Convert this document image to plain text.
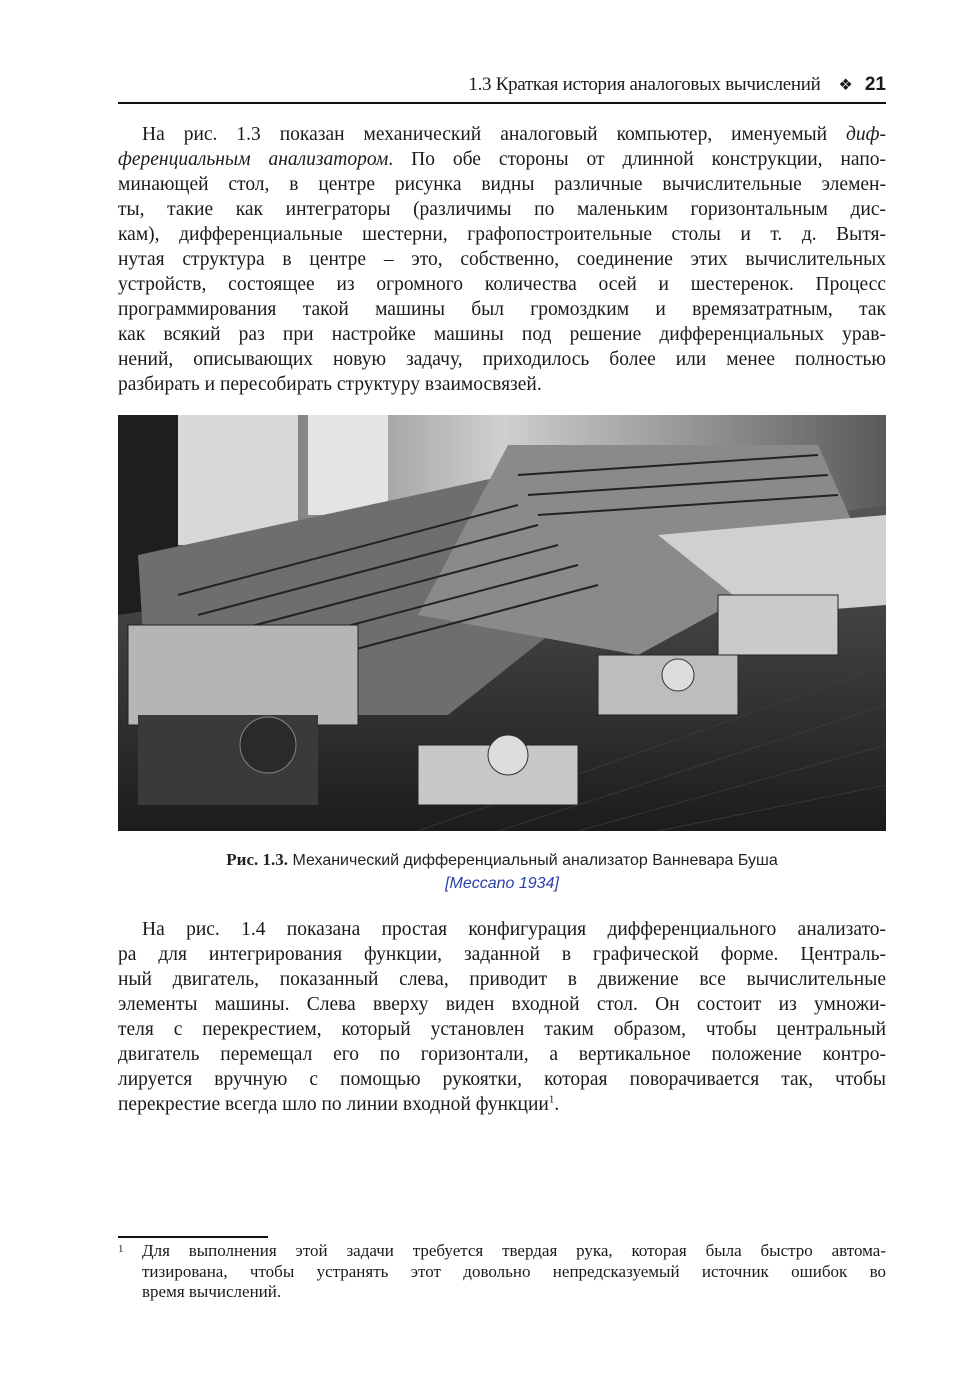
1.3 Краткая история аналоговых вычислений ❖ 21
На рис. 1.3 показан механический аналоговый компьютер, именуемый диф-
ференциальным анализатором. По обе стороны от длинной конструкции, напо-
минающей стол, в центре рисунка видны различные вычислительные элемен-
ты, такие как интеграторы (различимы по маленьким горизонтальным дис-
кам), дифференциальные шестерни, графопостроительные столы и т. д. Вытя-
нутая структура в центре – это, собственно, соединение этих вычислительных
устройств, состоящее из огромного количества осей и шестеренок. Процесс
программирования такой машины был громоздким и времязатратным, так
как всякий раз при настройке машины под решение дифференциальных урав-
нений, описывающих новую задачу, приходилось более или менее полностью
разбирать и пересобирать структуру взаимосвязей.
Рис. 1.3. Механический дифференциальный анализатор Ванневара Буша
[Meccano 1934]
На рис. 1.4 показана простая конфигурация дифференциального анализато-
ра для интегрирования функции, заданной в графической форме. Централь-
ный двигатель, показанный слева, приводит в движение все вычислительные
элементы машины. Слева вверху виден входной стол. Он состоит из умножи-
теля с перекрестием, который установлен таким образом, чтобы центральный
двигатель перемещал его по горизонтали, а вертикальное положение контро-
лируется вручную с помощью рукоятки, которая поворачивается так, чтобы
перекрестие всегда шло по линии входной функции$^1$.
1 Для выполнения этой задачи требуется твердая рука, которая была быстро автома-
тизирована, чтобы устранять этот довольно непредсказуемый источник ошибок во
время вычислений.
